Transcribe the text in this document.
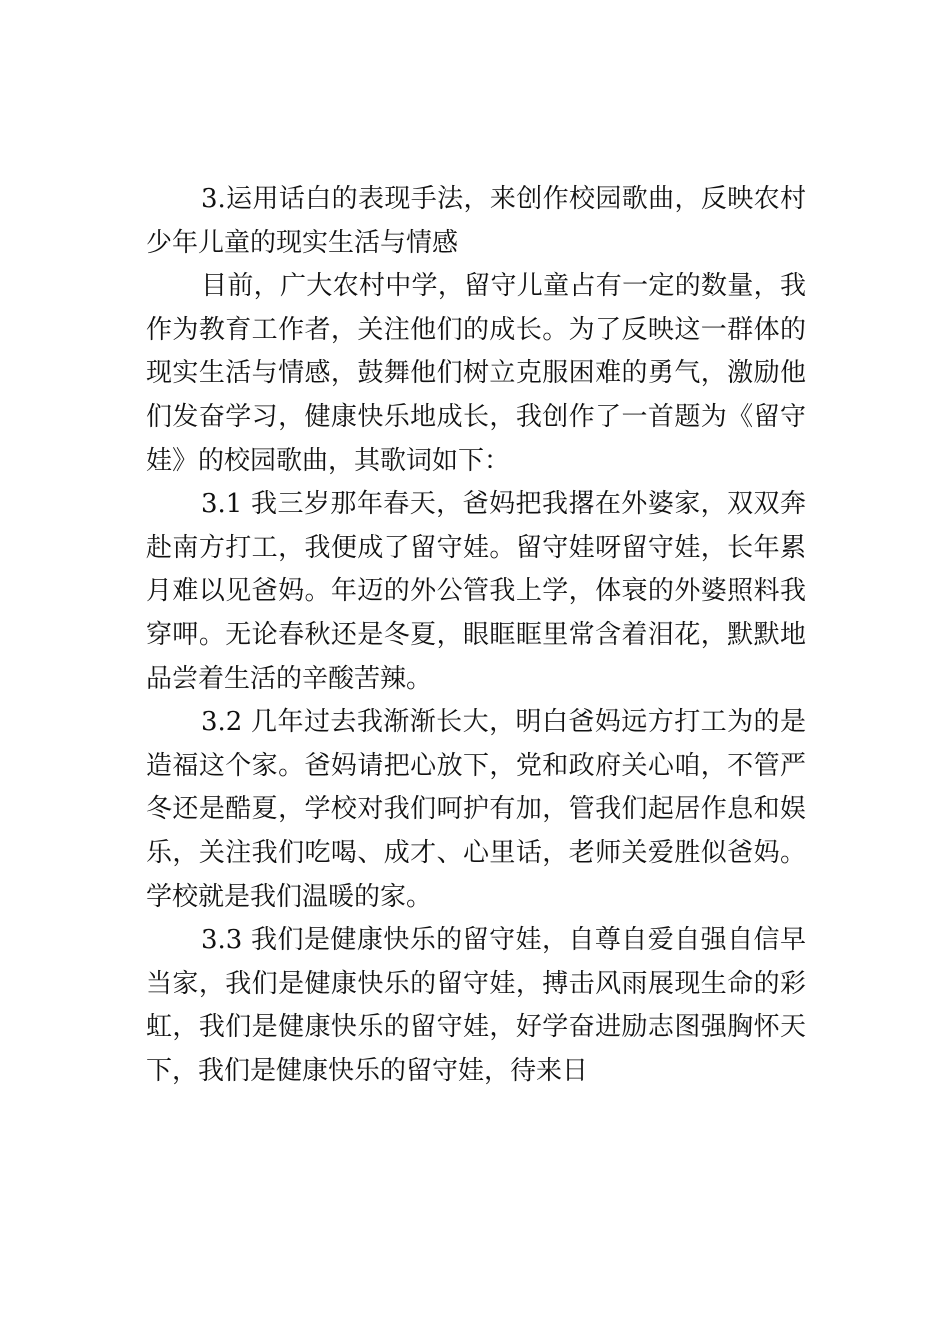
3.运用话白的表现手法，来创作校园歌曲，反映农村少年儿童的现实生活与情感

目前，广大农村中学，留守儿童占有一定的数量，我作为教育工作者，关注他们的成长。为了反映这一群体的现实生活与情感，鼓舞他们树立克服困难的勇气，激励他们发奋学习，健康快乐地成长，我创作了一首题为《留守娃》的校园歌曲，其歌词如下：

3.1 我三岁那年春天，爸妈把我撂在外婆家，双双奔赴南方打工，我便成了留守娃。留守娃呀留守娃，长年累月难以见爸妈。年迈的外公管我上学，体衰的外婆照料我穿呷。无论春秋还是冬夏，眼眶眶里常含着泪花，默默地品尝着生活的辛酸苦辣。

3.2 几年过去我渐渐长大，明白爸妈远方打工为的是造福这个家。爸妈请把心放下，党和政府关心咱，不管严冬还是酷夏，学校对我们呵护有加，管我们起居作息和娱乐，关注我们吃喝、成才、心里话，老师关爱胜似爸妈。学校就是我们温暖的家。

3.3 我们是健康快乐的留守娃，自尊自爱自强自信早当家，我们是健康快乐的留守娃，搏击风雨展现生命的彩虹，我们是健康快乐的留守娃，好学奋进励志图强胸怀天下，我们是健康快乐的留守娃，待来日
